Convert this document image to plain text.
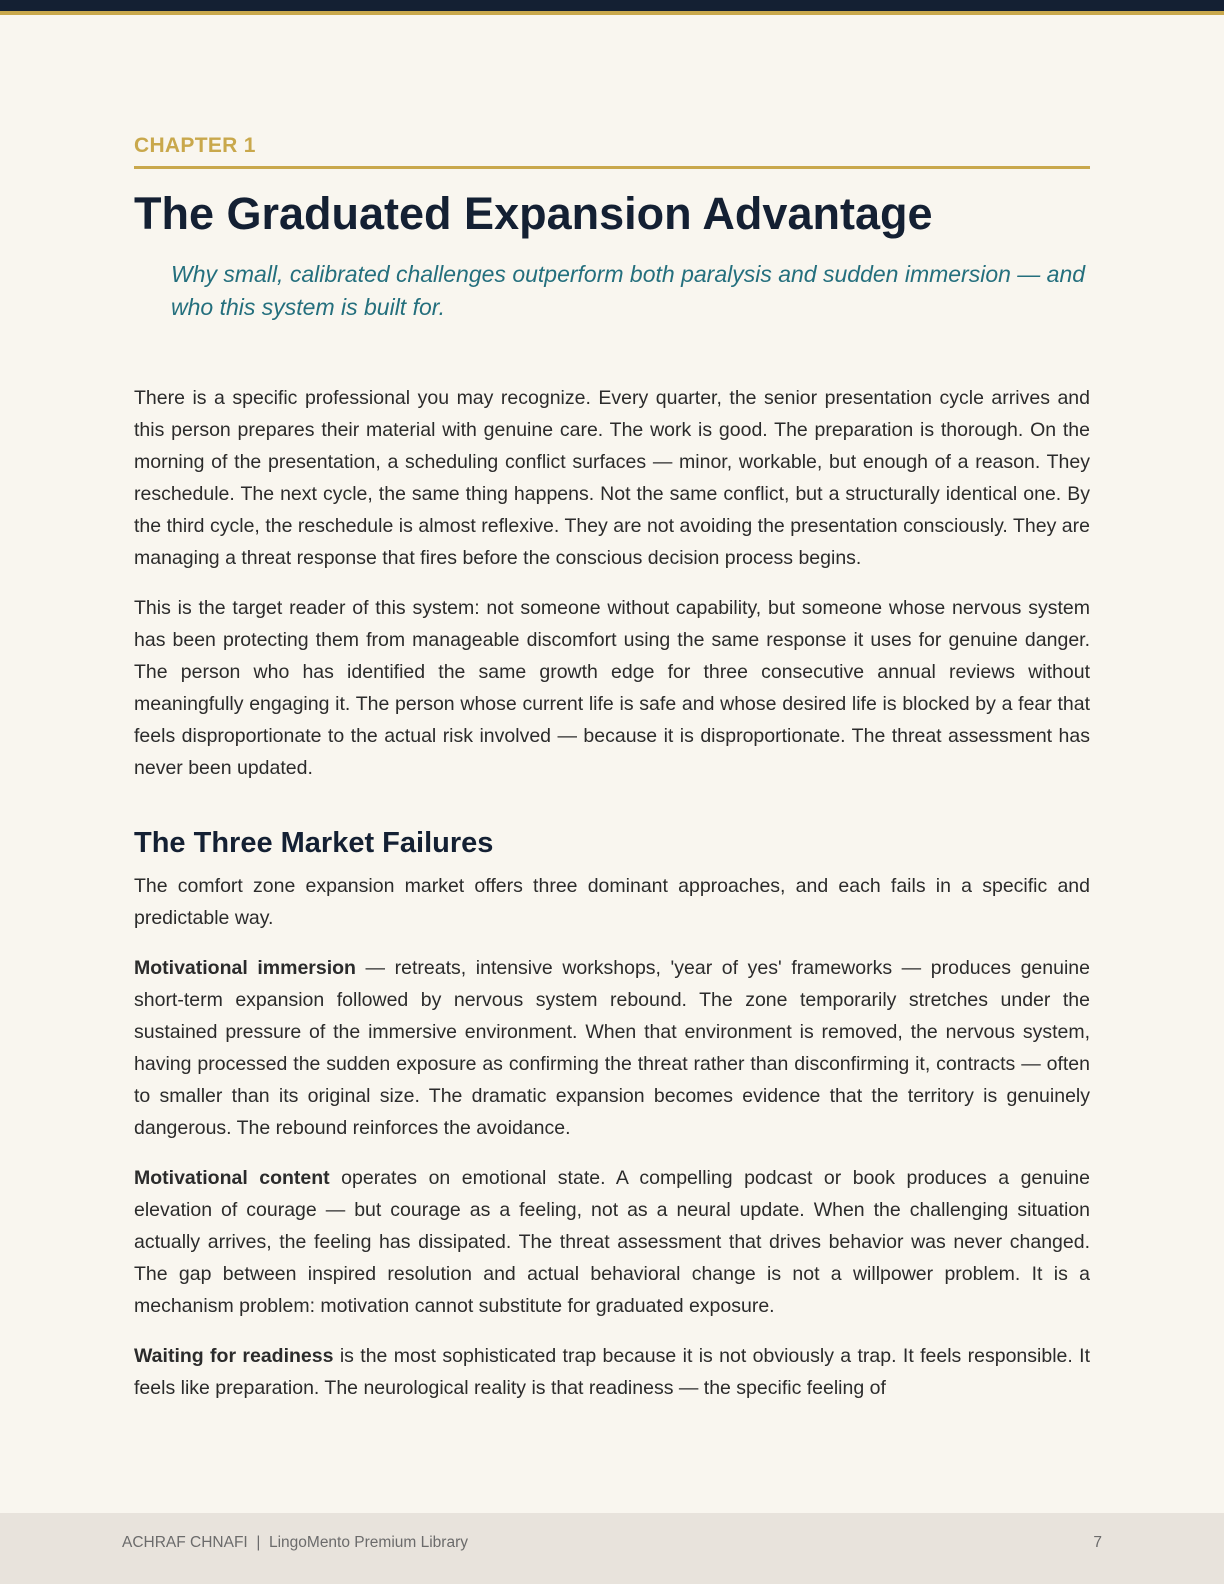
CHAPTER 1
The Graduated Expansion Advantage
Why small, calibrated challenges outperform both paralysis and sudden immersion — and who this system is built for.

There is a specific professional you may recognize. Every quarter, the senior presentation cycle arrives and this person prepares their material with genuine care. The work is good. The preparation is thorough. On the morning of the presentation, a scheduling conflict surfaces — minor, workable, but enough of a reason. They reschedule. The next cycle, the same thing happens. Not the same conflict, but a structurally identical one. By the third cycle, the reschedule is almost reflexive. They are not avoiding the presentation consciously. They are managing a threat response that fires before the conscious decision process begins.

This is the target reader of this system: not someone without capability, but someone whose nervous system has been protecting them from manageable discomfort using the same response it uses for genuine danger. The person who has identified the same growth edge for three consecutive annual reviews without meaningfully engaging it. The person whose current life is safe and whose desired life is blocked by a fear that feels disproportionate to the actual risk involved — because it is disproportionate. The threat assessment has never been updated.

The Three Market Failures

The comfort zone expansion market offers three dominant approaches, and each fails in a specific and predictable way.

Motivational immersion — retreats, intensive workshops, 'year of yes' frameworks — produces genuine short-term expansion followed by nervous system rebound. The zone temporarily stretches under the sustained pressure of the immersive environment. When that environment is removed, the nervous system, having processed the sudden exposure as confirming the threat rather than disconfirming it, contracts — often to smaller than its original size. The dramatic expansion becomes evidence that the territory is genuinely dangerous. The rebound reinforces the avoidance.

Motivational content operates on emotional state. A compelling podcast or book produces a genuine elevation of courage — but courage as a feeling, not as a neural update. When the challenging situation actually arrives, the feeling has dissipated. The threat assessment that drives behavior was never changed. The gap between inspired resolution and actual behavioral change is not a willpower problem. It is a mechanism problem: motivation cannot substitute for graduated exposure.

Waiting for readiness is the most sophisticated trap because it is not obviously a trap. It feels responsible. It feels like preparation. The neurological reality is that readiness — the specific feeling of

ACHRAF CHNAFI  |  LingoMento Premium Library	7
